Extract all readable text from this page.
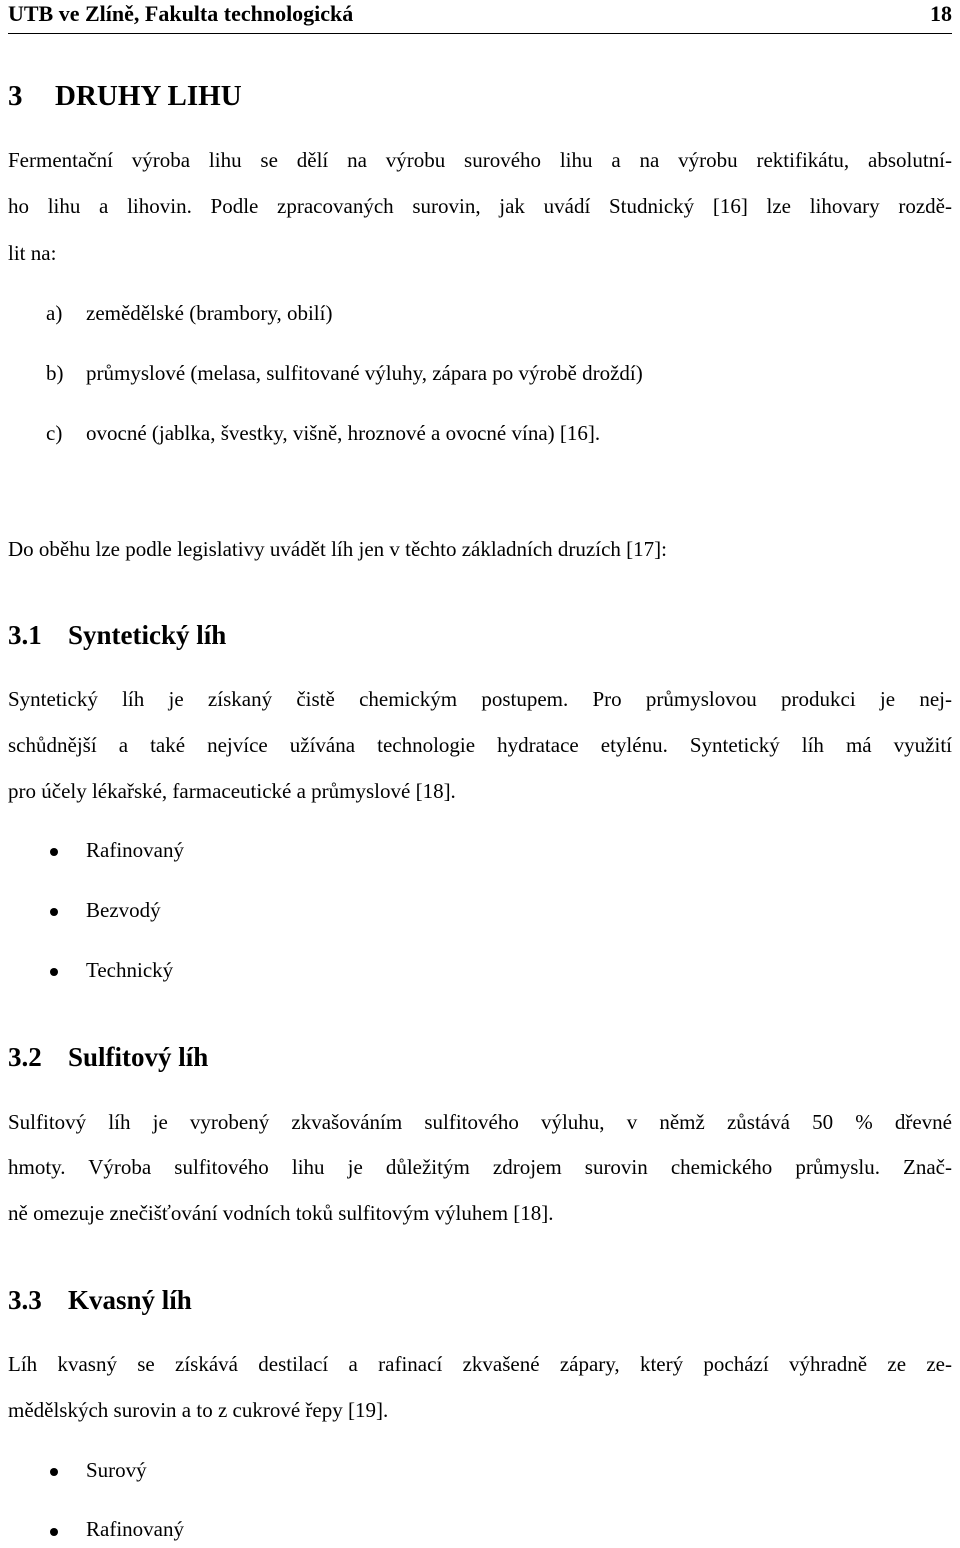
UTB ve Zlíně, Fakulta technologická	18
3 DRUHY LIHU
Fermentační výroba lihu se dělí na výrobu surového lihu a na výrobu rektifikátu, absolutní-
ho lihu a lihovin. Podle zpracovaných surovin, jak uvádí Studnický [16] lze lihovary rozdě-
lit na:
a) zemědělské (brambory, obilí)
b) průmyslové (melasa, sulfitované výluhy, zápara po výrobě droždí)
c) ovocné (jablka, švestky, višně, hroznové a ovocné vína) [16].
Do oběhu lze podle legislativy uvádět líh jen v těchto základních druzích [17]:
3.1 Syntetický líh
Syntetický líh je získaný čistě chemickým postupem. Pro průmyslovou produkci je nej-
schůdnější a také nejvíce užívána technologie hydratace etylénu. Syntetický líh má využití
pro účely lékařské, farmaceutické a průmyslové [18].
Rafinovaný
Bezvodý
Technický
3.2 Sulfitový líh
Sulfitový líh je vyrobený zkvašováním sulfitového výluhu, v němž zůstává 50 % dřevné
hmoty. Výroba sulfitového lihu je důležitým zdrojem surovin chemického průmyslu. Znač-
ně omezuje znečišťování vodních toků sulfitovým výluhem [18].
3.3 Kvasný líh
Líh kvasný se získává destilací a rafinací zkvašené zápary, který pochází výhradně ze ze-
mědělských surovin a to z cukrové řepy [19].
Surový
Rafinovaný
